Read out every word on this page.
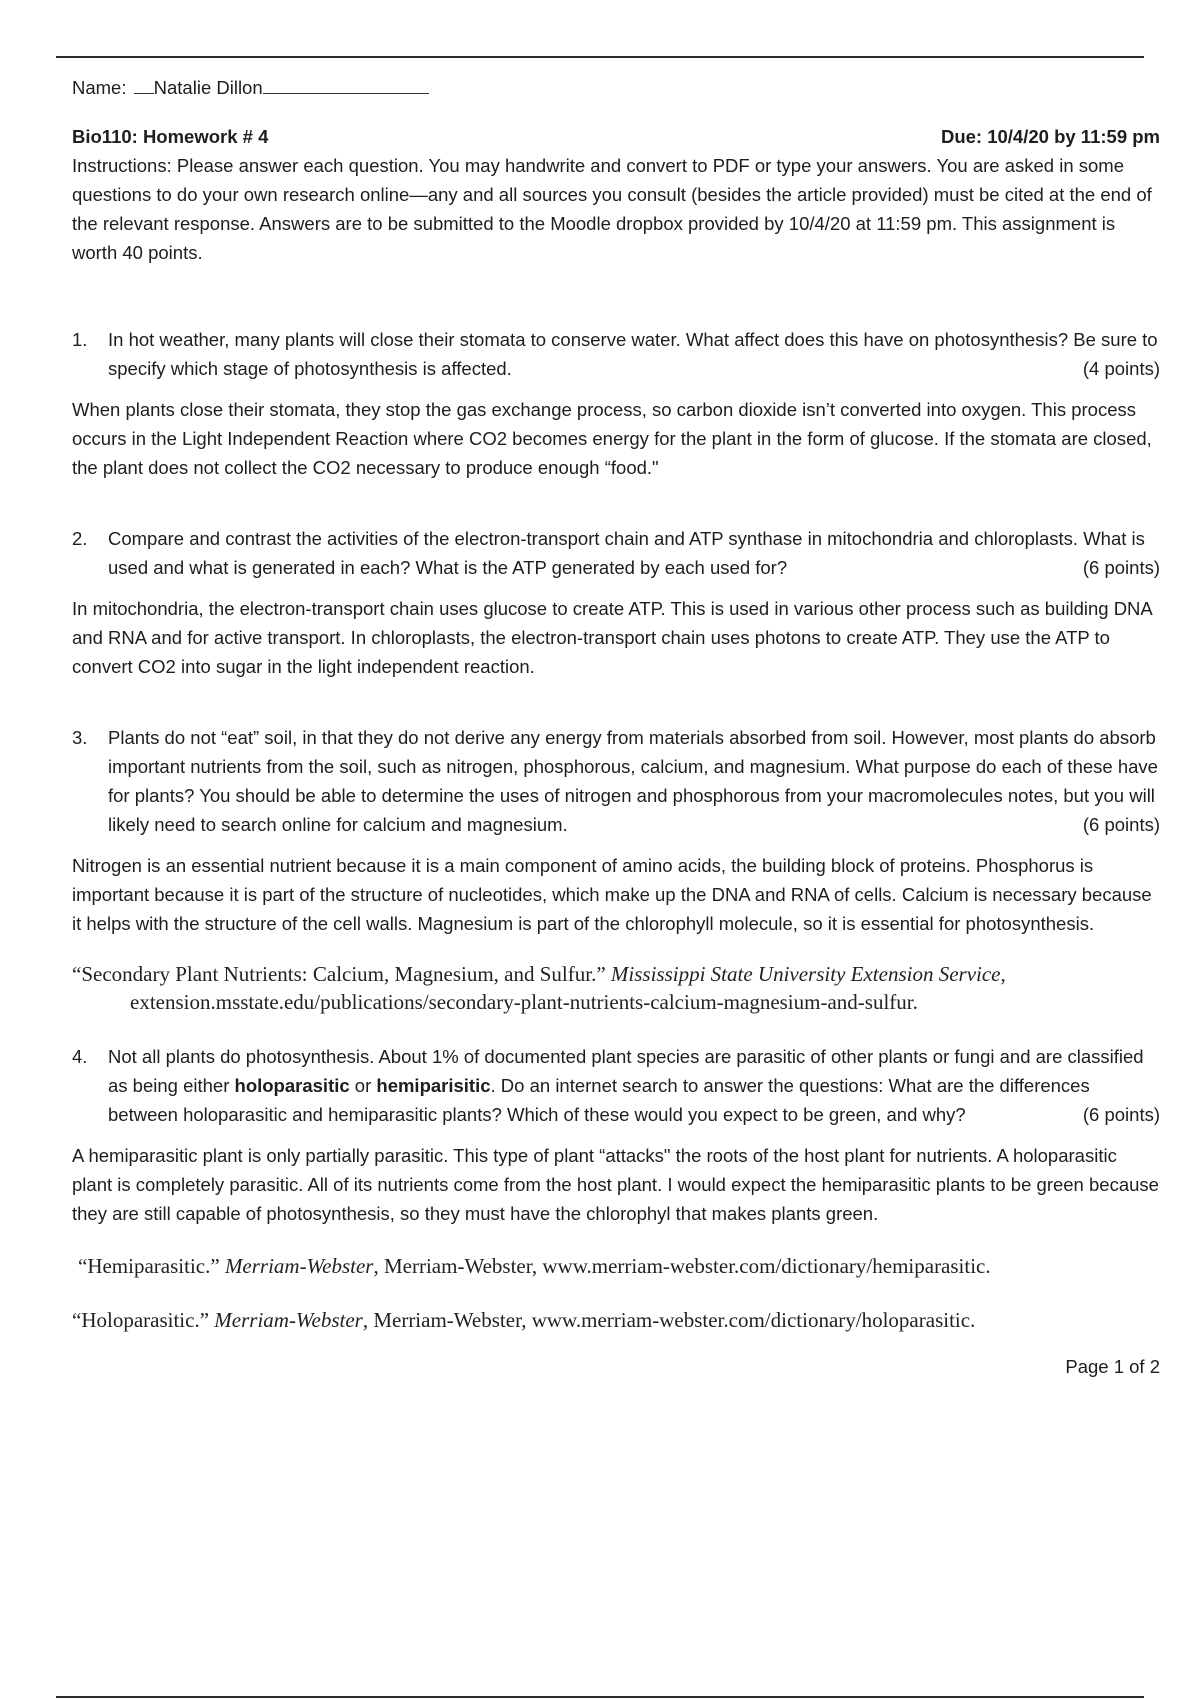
Name: Natalie Dillon
Bio110: Homework # 4	Due: 10/4/20 by 11:59 pm

Instructions: Please answer each question. You may handwrite and convert to PDF or type your answers. You are asked in some questions to do your own research online—any and all sources you consult (besides the article provided) must be cited at the end of the relevant response. Answers are to be submitted to the Moodle dropbox provided by 10/4/20 at 11:59 pm. This assignment is worth 40 points.

1.	In hot weather, many plants will close their stomata to conserve water. What affect does this have on photosynthesis? Be sure to specify which stage of photosynthesis is affected.	(4 points)

When plants close their stomata, they stop the gas exchange process, so carbon dioxide isn’t converted into oxygen. This process occurs in the Light Independent Reaction where CO2 becomes energy for the plant in the form of glucose. If the stomata are closed, the plant does not collect the CO2 necessary to produce enough “food."

2.	Compare and contrast the activities of the electron-transport chain and ATP synthase in mitochondria and chloroplasts. What is used and what is generated in each? What is the ATP generated by each used for?	(6 points)

In mitochondria, the electron-transport chain uses glucose to create ATP. This is used in various other process such as building DNA and RNA and for active transport. In chloroplasts, the electron-transport chain uses photons to create ATP. They use the ATP to convert CO2 into sugar in the light independent reaction.

3.	Plants do not “eat” soil, in that they do not derive any energy from materials absorbed from soil. However, most plants do absorb important nutrients from the soil, such as nitrogen, phosphorous, calcium, and magnesium. What purpose do each of these have for plants? You should be able to determine the uses of nitrogen and phosphorous from your macromolecules notes, but you will likely need to search online for calcium and magnesium.	(6 points)

Nitrogen is an essential nutrient because it is a main component of amino acids, the building block of proteins. Phosphorus is important because it is part of the structure of nucleotides, which make up the DNA and RNA of cells. Calcium is necessary because it helps with the structure of the cell walls. Magnesium is part of the chlorophyll molecule, so it is essential for photosynthesis.

“Secondary Plant Nutrients: Calcium, Magnesium, and Sulfur.” Mississippi State University Extension Service,
extension.msstate.edu/publications/secondary-plant-nutrients-calcium-magnesium-and-sulfur.
4.	Not all plants do photosynthesis. About 1% of documented plant species are parasitic of other plants or fungi and are classified as being either holoparasitic or hemiparisitic. Do an internet search to answer the questions: What are the differences between holoparasitic and hemiparasitic plants? Which of these would you expect to be green, and why?	(6 points)

A hemiparasitic plant is only partially parasitic. This type of plant “attacks" the roots of the host plant for nutrients. A holoparasitic plant is completely parasitic. All of its nutrients come from the host plant. I would expect the hemiparasitic plants to be green because they are still capable of photosynthesis, so they must have the chlorophyl that makes plants green.

“Hemiparasitic.” Merriam-Webster, Merriam-Webster, www.merriam-webster.com/dictionary/hemiparasitic.
“Holoparasitic.” Merriam-Webster, Merriam-Webster, www.merriam-webster.com/dictionary/holoparasitic.
Page 1 of 2
